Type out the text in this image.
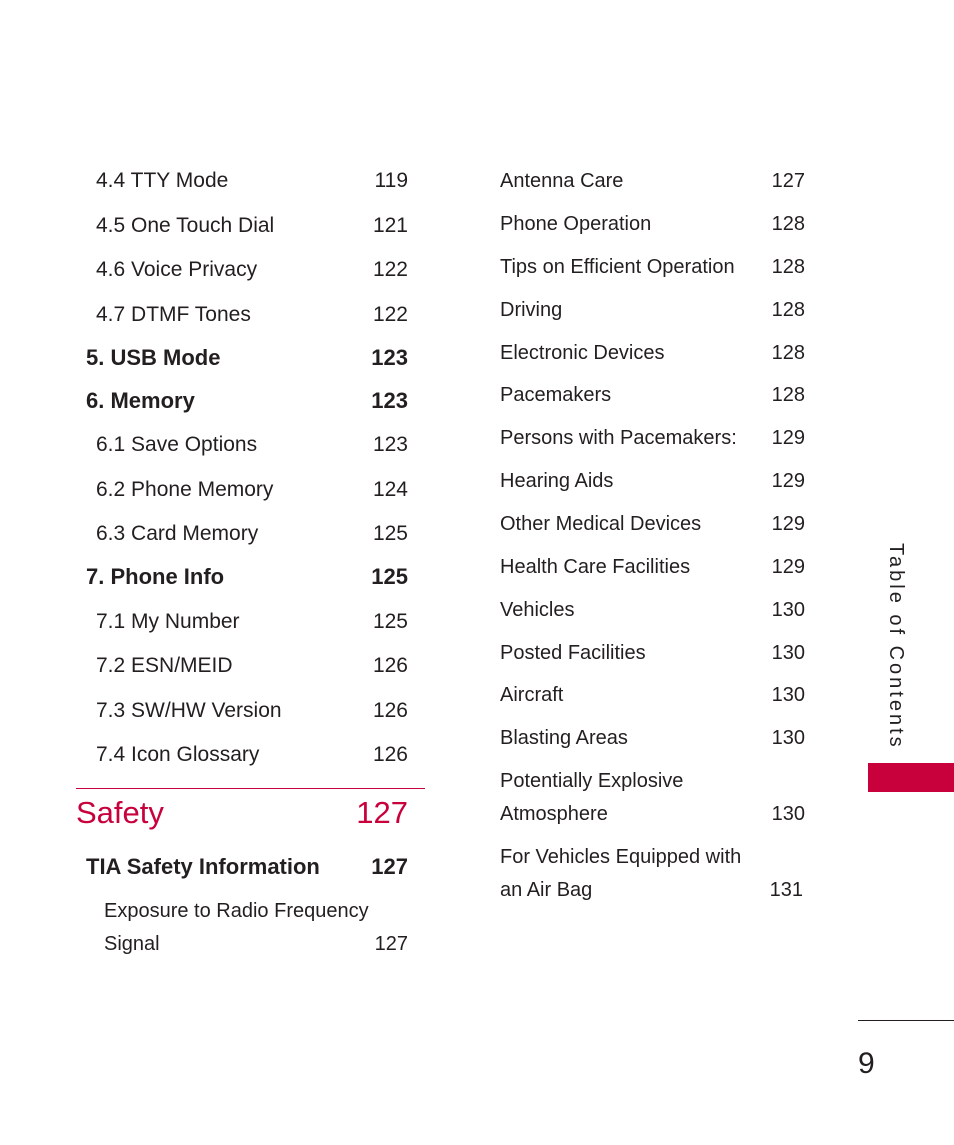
4.4 TTY Mode	119
4.5 One Touch Dial	121
4.6 Voice Privacy	122
4.7 DTMF Tones	122
5. USB Mode	123
6. Memory	123
6.1 Save Options	123
6.2 Phone Memory	124
6.3 Card Memory	125
7. Phone Info	125
7.1 My Number	125
7.2 ESN/MEID	126
7.3 SW/HW Version	126
7.4 Icon Glossary	126
Safety	127
TIA Safety Information 127
Exposure to Radio Frequency
Signal	127
Antenna Care	127
Phone Operation	128
Tips on Efficient Operation 128
Driving	128
Electronic Devices	128
Pacemakers	128
Persons with Pacemakers: 129
Hearing Aids	129
Other Medical Devices	129
Health Care Facilities	129
Vehicles	130
Posted Facilities	130
Aircraft	130
Blasting Areas	130
Potentially Explosive
Atmosphere	130
For Vehicles Equipped with
an Air Bag	131
Table of Contents
9
